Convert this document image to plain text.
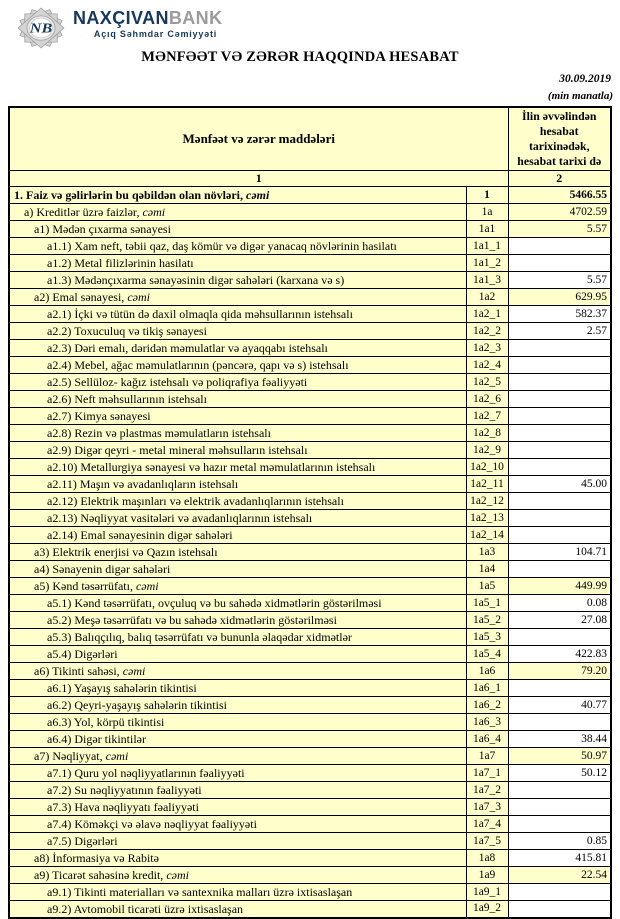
NB
NAXÇIVANBANK
Açıq Səhmdar Cəmiyyəti
MƏNFƏƏT VƏ ZƏRƏR HAQQINDA HESABAT
30.09.2019
(min manatla)
Mənfəət və zərər maddələri		İlin əvvəlindən hesabat tarixinədək, hesabat tarixi də
1		2
1. Faiz və gəlirlərin bu qəbildən olan növləri, cəmi	1	5466.55
a) Kreditlər üzrə faizlər, cəmi	1a	4702.59
a1) Mədən çıxarma sənayesi	1a1	5.57
a1.1) Xam neft, təbii qaz, daş kömür və digər yanacaq növlərinin hasilatı	1a1_1	
a1.2) Metal filizlərinin hasilatı	1a1_2	
a1.3) Mədənçıxarma sənayəsinin digər sahələri (karxana və s)	1a1_3	5.57
a2) Emal sənayesi, cəmi	1a2	629.95
a2.1) İçki və tütün də daxil olmaqla qida məhsullarının istehsalı	1a2_1	582.37
a2.2) Toxuculuq və tikiş sənayesi	1a2_2	2.57
a2.3) Dəri emalı, dəridən məmulatlar və ayaqqabı istehsalı	1a2_3	
a2.4) Mebel, ağac məmulatlarının (pəncərə, qapı və s) istehsalı	1a2_4	
a2.5) Sellüloz- kağız istehsalı və poliqrafiya fəaliyyəti	1a2_5	
a2.6) Neft məhsullarının istehsalı	1a2_6	
a2.7) Kimya sənayesi	1a2_7	
a2.8) Rezin və plastmas məmulatların istehsalı	1a2_8	
a2.9) Digər qeyri - metal mineral məhsulların istehsalı	1a2_9	
a2.10) Metallurgiya sənayesi və hazır metal məmulatlarının istehsalı	1a2_10	
a2.11) Maşın və avadanlıqların istehsalı	1a2_11	45.00
a2.12) Elektrik maşınları və elektrik avadanlıqlarının istehsalı	1a2_12	
a2.13) Nəqliyyat vasitələri və avadanlıqlarının istehsalı	1a2_13	
a2.14) Emal sənayesinin digər sahələri	1a2_14	
a3) Elektrik enerjisi və Qazın istehsalı	1a3	104.71
a4) Sənayenin digər sahələri	1a4	
a5) Kənd təsərrüfatı, cəmi	1a5	449.99
a5.1) Kənd təsərrüfatı, ovçuluq və bu sahədə xidmətlərin göstərilməsi	1a5_1	0.08
a5.2) Meşə təsərrüfatı və bu sahədə xidmətlərin göstərilməsi	1a5_2	27.08
a5.3) Balıqçılıq, balıq təsərrüfatı və bununla əlaqədar xidmətlər	1a5_3	
a5.4) Digərləri	1a5_4	422.83
a6) Tikinti sahəsi, cəmi	1a6	79.20
a6.1) Yaşayış sahələrin tikintisi	1a6_1	
a6.2) Qeyri-yaşayış sahələrin tikintisi	1a6_2	40.77
a6.3) Yol, körpü tikintisi	1a6_3	
a6.4) Digər tikintilər	1a6_4	38.44
a7) Nəqliyyat, cəmi	1a7	50.97
a7.1) Quru yol nəqliyyatlarının fəaliyyəti	1a7_1	50.12
a7.2) Su nəqliyyatının fəaliyyəti	1a7_2	
a7.3) Hava nəqliyyatı fəaliyyəti	1a7_3	
a7.4) Köməkçi və əlavə nəqliyyat fəaliyyəti	1a7_4	
a7.5) Digərləri	1a7_5	0.85
a8) İnformasiya və Rabitə	1a8	415.81
a9) Ticarət sahəsinə kredit, cəmi	1a9	22.54
a9.1) Tikinti materialları və santexnika malları üzrə ixtisaslaşan	1a9_1	
a9.2) Avtomobil ticarəti üzrə ixtisaslaşan	1a9_2	
